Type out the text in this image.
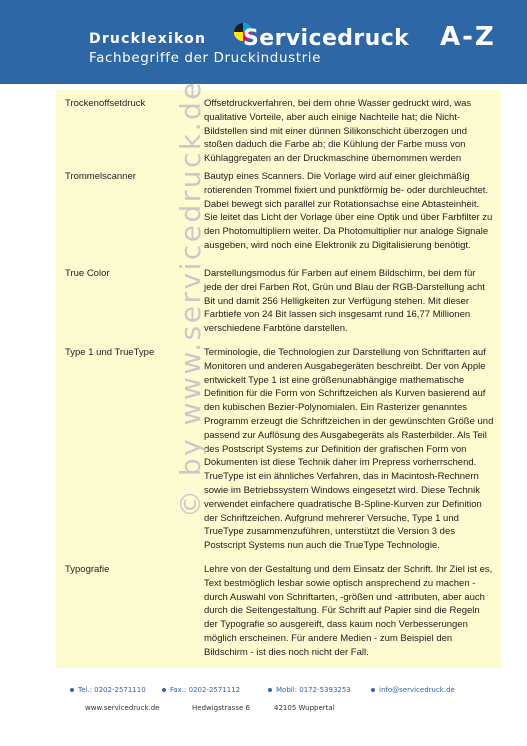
Drucklexikon
Fachbegriffe der Druckindustrie
Servicedruck A-Z
Trockenoffsetdruck	Offsetdruckverfahren, bei dem ohne Wasser gedruckt wird, was qualitative Vorteile, aber auch einige Nachteile hat; die Nicht-Bildstellen sind mit einer dünnen Silikonschicht überzogen und stoßen daduch die Farbe ab; die Kühlung der Farbe muss von Kühlaggregaten an der Druckmaschine übernommen werden
Trommelscanner	Bautyp eines Scanners. Die Vorlage wird auf einer gleichmäßig rotierenden Trommel fixiert und punktförmig be- oder durchleuchtet. Dabei bewegt sich parallel zur Rotationsachse eine Abtasteinheit. Sie leitet das Licht der Vorlage über eine Optik und über Farbfilter zu den Photomultipliern weiter. Da Photomultiplier nur analoge Signale ausgeben, wird noch eine Elektronik zu Digitalisierung benötigt.
True Color	Darstellungsmodus für Farben auf einem Bildschirm, bei dem für jede der drei Farben Rot, Grün und Blau der RGB-Darstellung acht Bit und damit 256 Helligkeiten zur Verfügung stehen. Mit dieser Farbtiefe von 24 Bit lassen sich insgesamt rund 16,77 Millionen verschiedene Farbtöne darstellen.
Type 1 und TrueType	Terminologie, die Technologien zur Darstellung von Schriftarten auf Monitoren und anderen Ausgabegeräten beschreibt. Der von Apple entwickelt Type 1 ist eine größenunabhängige mathematische Definition für die Form von Schriftzeichen als Kurven basierend auf den kubischen Bezier-Polynomialen. Ein Rasterizer genanntes Programm erzeugt die Schriftzeichen in der gewünschten Größe und passend zur Auflösung des Ausgabegeräts als Rasterbilder. Als Teil des Postscript Systems zur Definition der grafischen Form von Dokumenten ist diese Technik daher im Prepress vorherrschend. TrueType ist ein ähnliches Verfahren, das in Macintosh-Rechnern sowie im Betriebssystem Windows eingesetzt wird. Diese Technik verwendet einfachere quadratische B-Spline-Kurven zur Definition der Schriftzeichen. Aufgrund mehrerer Versuche, Type 1 und TrueType zusammenzuführen, unterstützt die Version 3 des Postscript Systems nun auch die TrueType Technologie.
Typografie	Lehre von der Gestaltung und dem Einsatz der Schrift. Ihr Ziel ist es, Text bestmöglich lesbar sowie optisch ansprechend zu machen - durch Auswahl von Schriftarten, -größen und -attributen, aber auch durch die Seitengestaltung. Für Schrift auf Papier sind die Regeln der Typografie so ausgereift, dass kaum noch Verbesserungen möglich erscheinen. Für andere Medien - zum Beispiel den Bildschirm - ist dies noch nicht der Fall.
© by www.servicedruck.de
Tel.: 0202-2571110	Fax.: 0202-2571112	Mobil: 0172-5393253	info@servicedruck.de
www.servicedruck.de	Hedwigstrasse 6	42105 Wuppertal
